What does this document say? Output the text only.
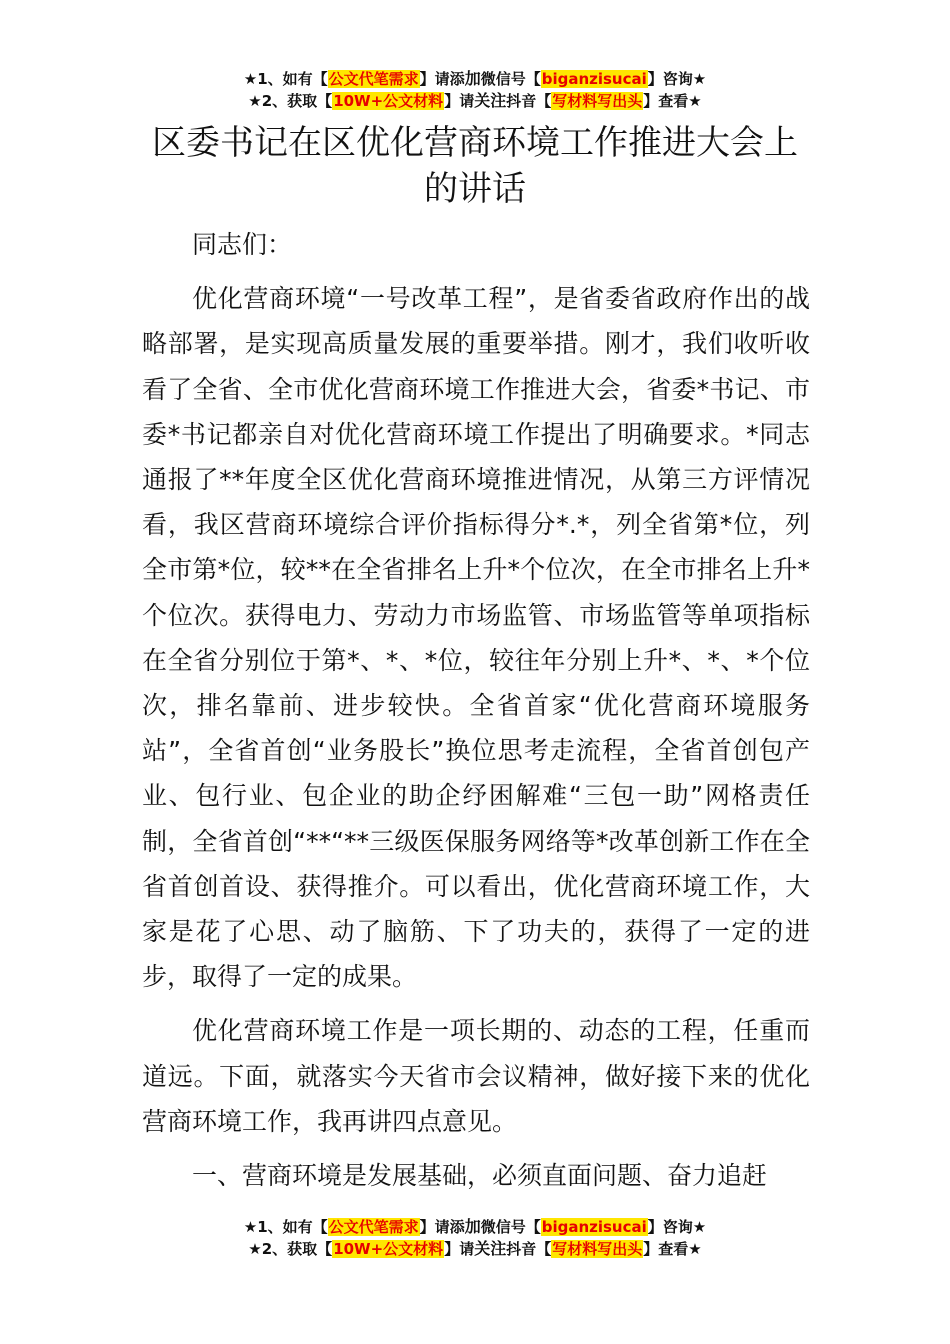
★1、如有【公文代笔需求】请添加微信号【biganzisucai】咨询★
★2、获取【10W+公文材料】请关注抖音【写材料写出头】查看★
区委书记在区优化营商环境工作推进大会上的讲话

同志们：

优化营商环境“一号改革工程”，是省委省政府作出的战略部署，是实现高质量发展的重要举措。刚才，我们收听收看了全省、全市优化营商环境工作推进大会，省委*书记、市委*书记都亲自对优化营商环境工作提出了明确要求。*同志通报了**年度全区优化营商环境推进情况，从第三方评情况看，我区营商环境综合评价指标得分*.*，列全省第*位，列全市第*位，较**在全省排名上升*个位次，在全市排名上升*个位次。获得电力、劳动力市场监管、市场监管等单项指标在全省分别位于第*、*、*位，较往年分别上升*、*、*个位次，排名靠前、进步较快。全省首家“优化营商环境服务站”，全省首创“业务股长”换位思考走流程，全省首创包产业、包行业、包企业的助企纾困解难“三包一助”网格责任制，全省首创“**“**三级医保服务网络等*改革创新工作在全省首创首设、获得推介。可以看出，优化营商环境工作，大家是花了心思、动了脑筋、下了功夫的，获得了一定的进步，取得了一定的成果。

优化营商环境工作是一项长期的、动态的工程，任重而道远。下面，就落实今天省市会议精神，做好接下来的优化营商环境工作，我再讲四点意见。

一、营商环境是发展基础，必须直面问题、奋力追赶

★1、如有【公文代笔需求】请添加微信号【biganzisucai】咨询★
★2、获取【10W+公文材料】请关注抖音【写材料写出头】查看★
